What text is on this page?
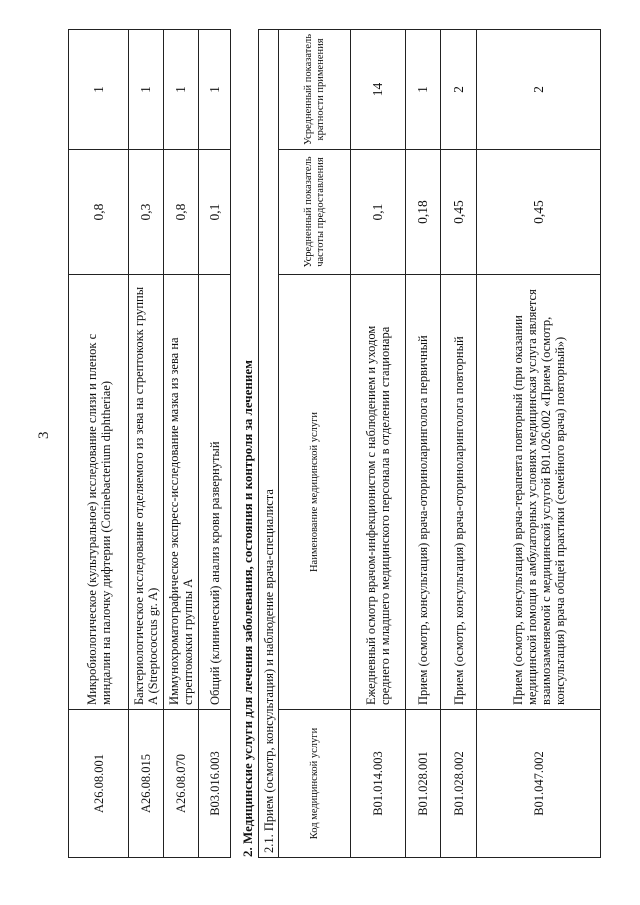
3
A26.08.001	Микробиологическое (культуральное) исследование слизи и пленок с миндалин на палочку дифтерии (Corinebacterium diphtheriae)	0,8	1
A26.08.015	Бактериологическое исследование отделяемого из зева на стрептококк группы A (Streptococcus gr. A)	0,3	1
A26.08.070	Иммунохроматографическое экспресс-исследование мазка из зева на стрептококки группы A	0,8	1
B03.016.003	Общий (клинический) анализ крови развернутый	0,1	1
2. Медицинские услуги для лечения заболевания, состояния и контроля за лечением 2.1. Прием (осмотр, консультация) и наблюдение врача-специалиста			
Код медицинской услуги	Наименование медицинской услуги	Усредненный показатель частоты предоставления	Усредненный показатель кратности применения
B01.014.003	Ежедневный осмотр врачом-инфекционистом с наблюдением и уходом среднего и младшего медицинского персонала в отделении стационара	0,1	14
B01.028.001	Прием (осмотр, консультация) врача-оториноларинголога первичный	0,18	1
B01.028.002	Прием (осмотр, консультация) врача-оториноларинголога повторный	0,45	2
B01.047.002	Прием (осмотр, консультация) врача-терапевта повторный (при оказании медицинской помощи в амбулаторных условиях медицинская услуга является взаимозаменяемой с медицинской услугой B01.026.002 «Прием (осмотр, консультация) врача общей практики (семейного врача) повторный»)	0,45	2
